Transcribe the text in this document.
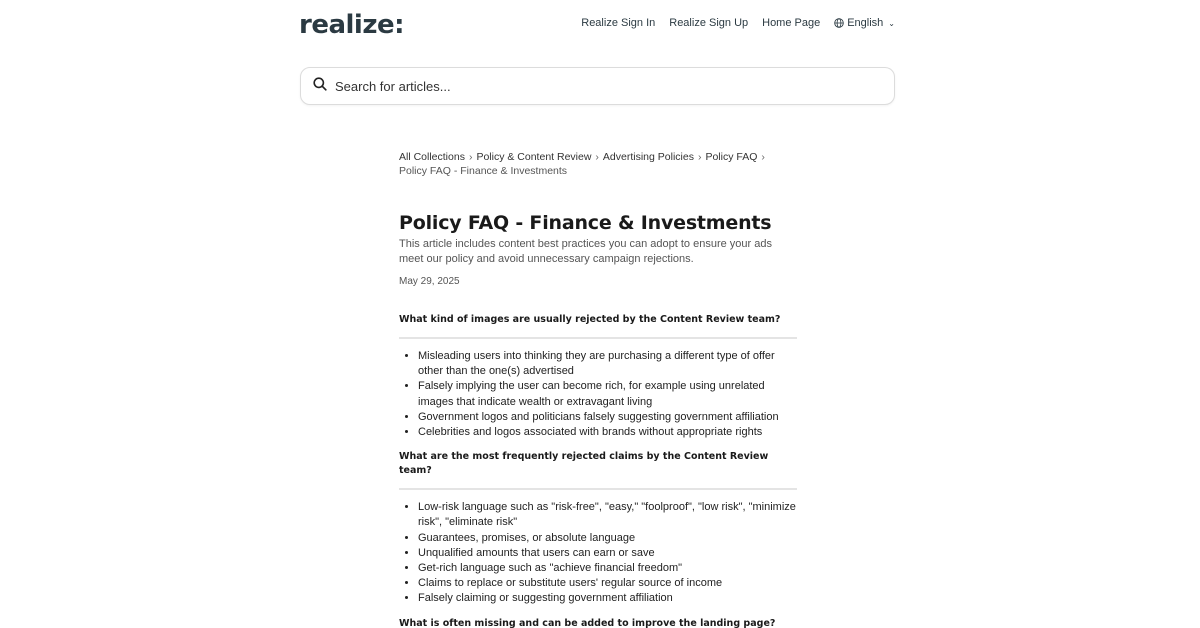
realize:	Realize Sign In Realize Sign Up Home Page English ⌄
Search for articles...
All Collections › Policy & Content Review › Advertising Policies › Policy FAQ ›
Policy FAQ - Finance & Investments
Policy FAQ - Finance & Investments
This article includes content best practices you can adopt to ensure your ads meet our policy and avoid unnecessary campaign rejections.
May 29, 2025
What kind of images are usually rejected by the Content Review team?
• Misleading users into thinking they are purchasing a different type of offer other than the one(s) advertised
• Falsely implying the user can become rich, for example using unrelated images that indicate wealth or extravagant living
• Government logos and politicians falsely suggesting government affiliation
• Celebrities and logos associated with brands without appropriate rights
What are the most frequently rejected claims by the Content Review team?
• Low-risk language such as "risk-free", "easy," "foolproof", "low risk", "minimize risk", "eliminate risk"
• Guarantees, promises, or absolute language
• Unqualified amounts that users can earn or save
• Get-rich language such as "achieve financial freedom"
• Claims to replace or substitute users' regular source of income
• Falsely claiming or suggesting government affiliation
What is often missing and can be added to improve the landing page?
